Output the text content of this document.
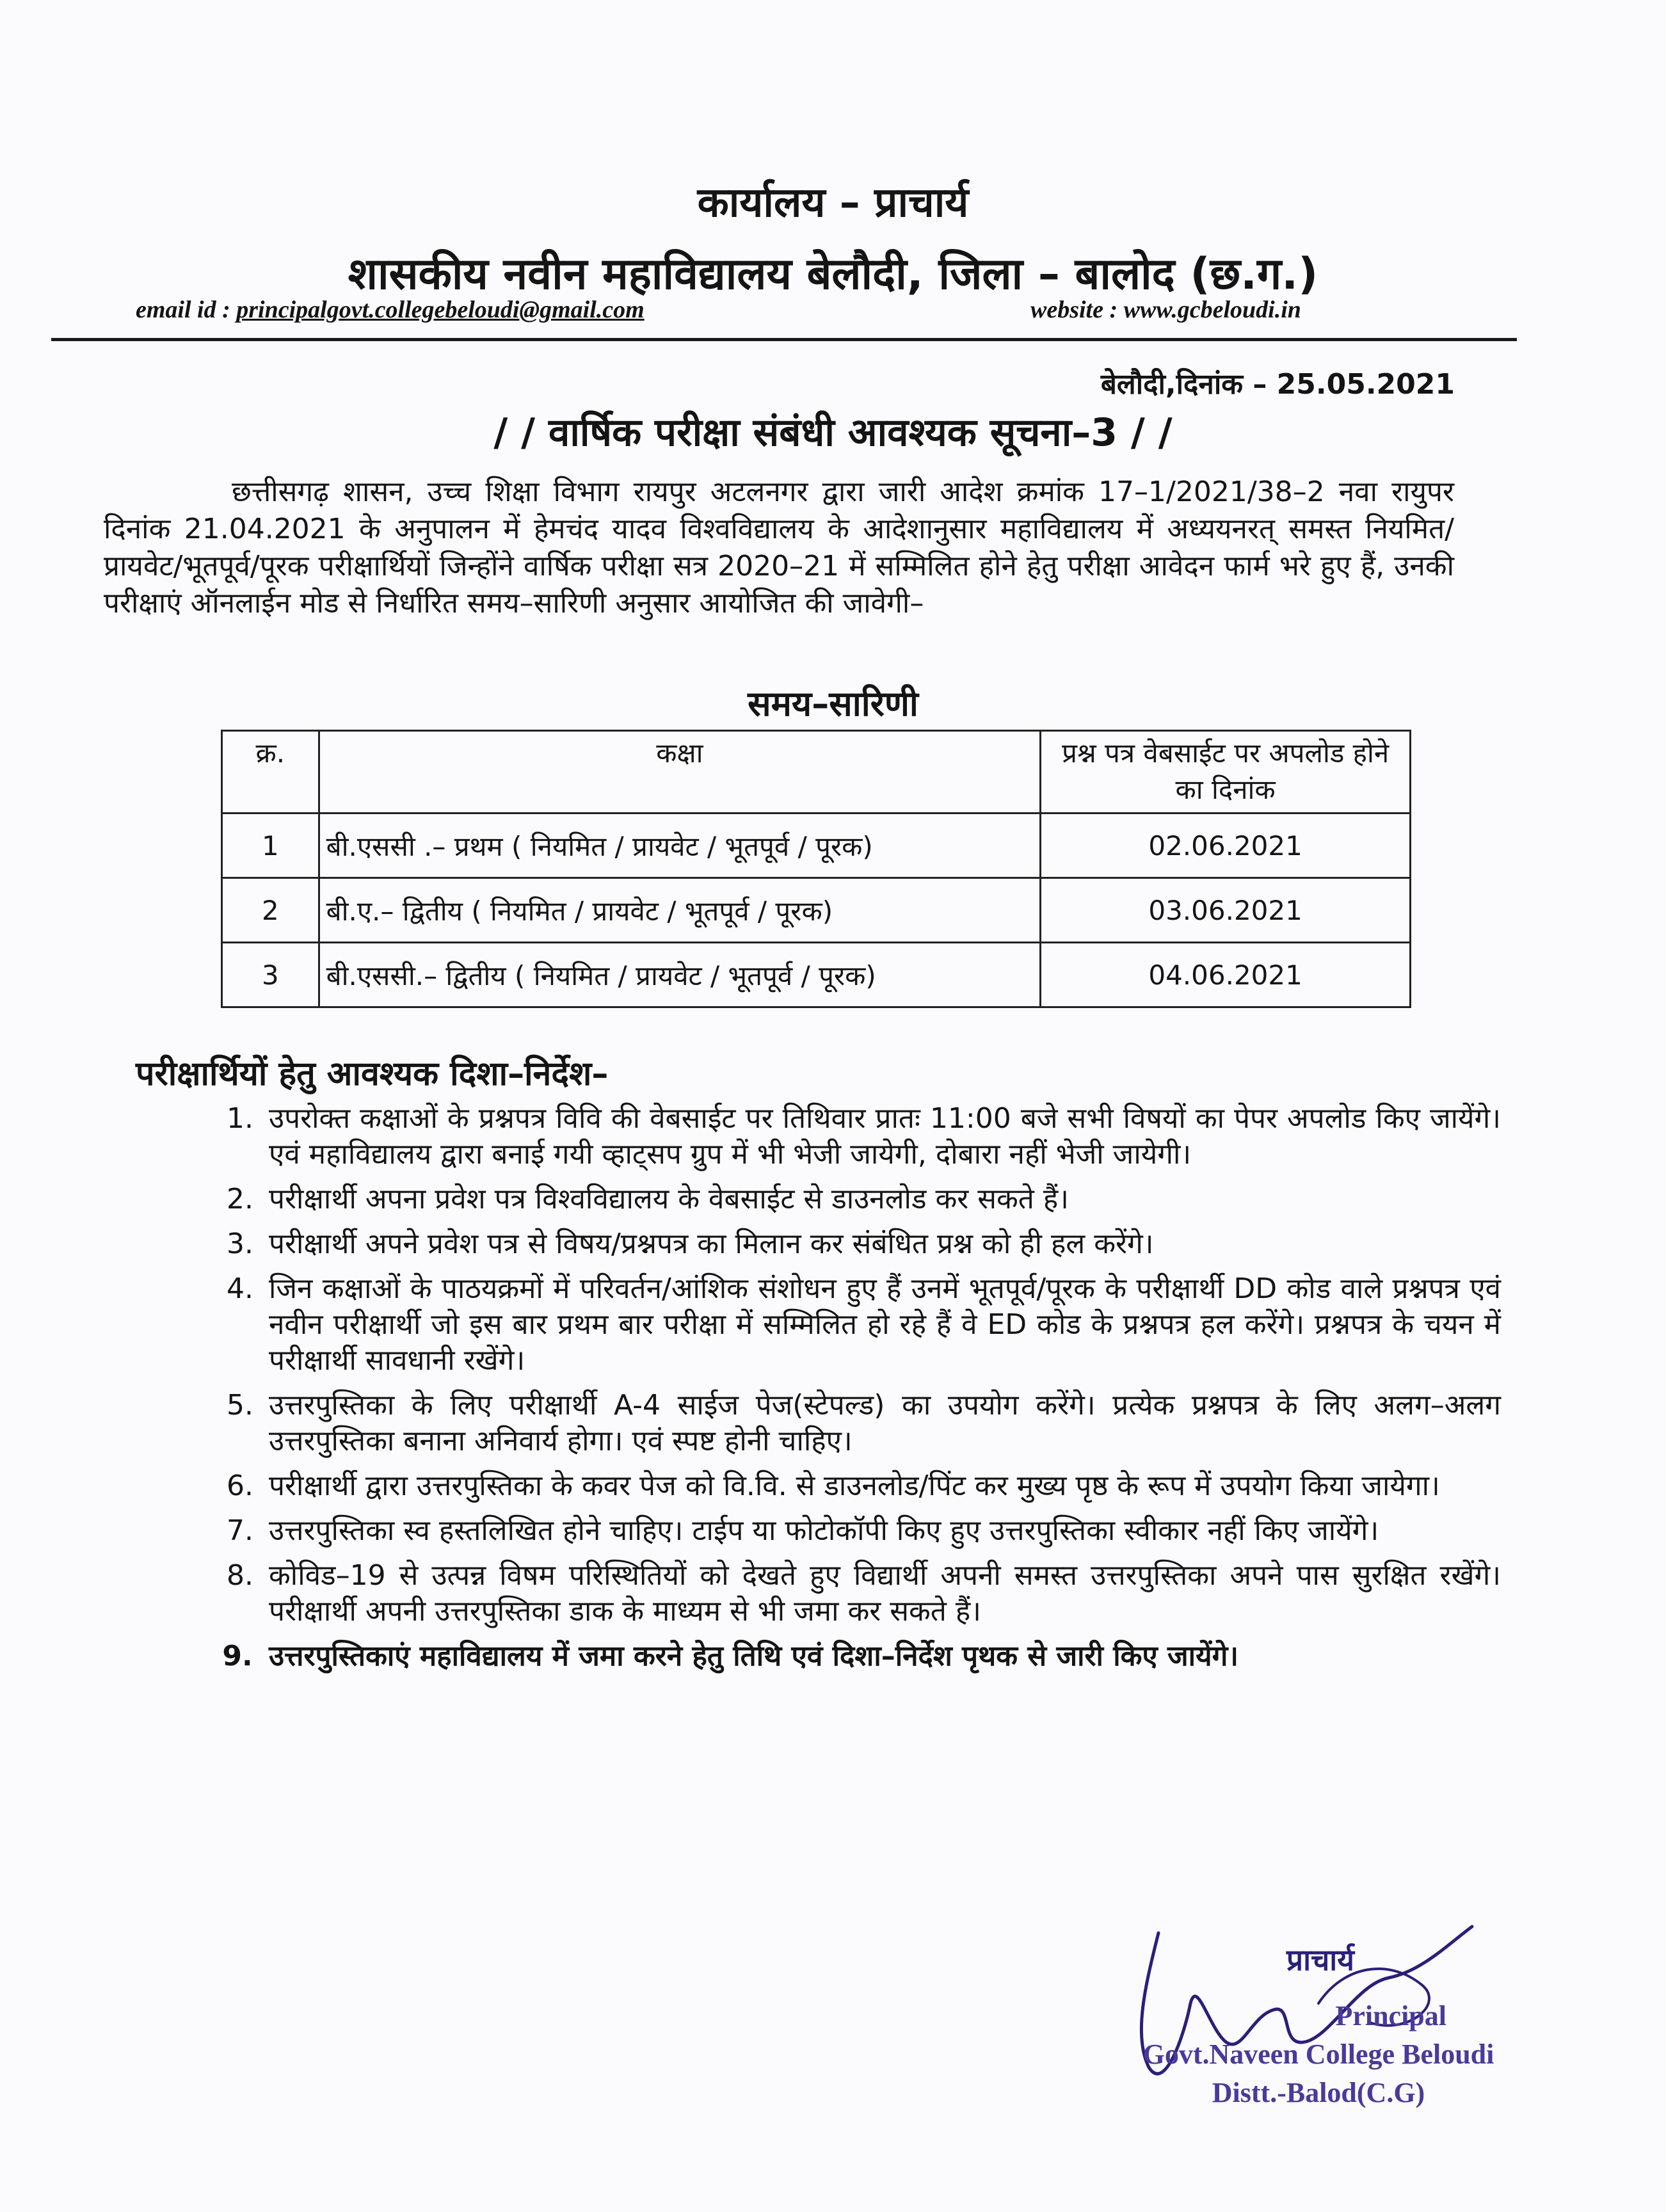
कार्यालय – प्राचार्य
शासकीय नवीन महाविद्यालय बेलौदी, जिला – बालोद (छ.ग.)
email id : principalgovt.collegebeloudi@gmail.com	website : www.gcbeloudi.in
बेलौदी,दिनांक – 25.05.2021
/ / वार्षिक परीक्षा संबंधी आवश्यक सूचना–3 / /

छत्तीसगढ़ शासन, उच्च शिक्षा विभाग रायपुर अटलनगर द्वारा जारी आदेश क्रमांक 17–1/2021/38–2 नवा रायुपर दिनांक 21.04.2021 के अनुपालन में हेमचंद यादव विश्वविद्यालय के आदेशानुसार महाविद्यालय में अध्ययनरत् समस्त नियमित/प्रायवेट/भूतपूर्व/पूरक परीक्षार्थियों जिन्होंने वार्षिक परीक्षा सत्र 2020–21 में सम्मिलित होने हेतु परीक्षा आवेदन फार्म भरे हुए हैं, उनकी परीक्षाएं ऑनलाईन मोड से निर्धारित समय–सारिणी अनुसार आयोजित की जावेगी–

समय–सारिणी
क्र.	कक्षा	प्रश्न पत्र वेबसाईट पर अपलोड होने का दिनांक
1	बी.एससी .– प्रथम ( नियमित / प्रायवेट / भूतपूर्व / पूरक)	02.06.2021
2	बी.ए.– द्वितीय ( नियमित / प्रायवेट / भूतपूर्व / पूरक)	03.06.2021
3	बी.एससी.– द्वितीय ( नियमित / प्रायवेट / भूतपूर्व / पूरक)	04.06.2021
परीक्षार्थियों हेतु आवश्यक दिशा–निर्देश–
1. उपरोक्त कक्षाओं के प्रश्नपत्र विवि की वेबसाईट पर तिथिवार प्रातः 11:00 बजे सभी विषयों का पेपर अपलोड किए जायेंगे। एवं महाविद्यालय द्वारा बनाई गयी व्हाट्सप ग्रुप में भी भेजी जायेगी, दोबारा नहीं भेजी जायेगी।
2. परीक्षार्थी अपना प्रवेश पत्र विश्वविद्यालय के वेबसाईट से डाउनलोड कर सकते हैं।
3. परीक्षार्थी अपने प्रवेश पत्र से विषय/प्रश्नपत्र का मिलान कर संबंधित प्रश्न को ही हल करेंगे।
4. जिन कक्षाओं के पाठयक्रमों में परिवर्तन/आंशिक संशोधन हुए हैं उनमें भूतपूर्व/पूरक के परीक्षार्थी DD कोड वाले प्रश्नपत्र एवं नवीन परीक्षार्थी जो इस बार प्रथम बार परीक्षा में सम्मिलित हो रहे हैं वे ED कोड के प्रश्नपत्र हल करेंगे। प्रश्नपत्र के चयन में परीक्षार्थी सावधानी रखेंगे।
5. उत्तरपुस्तिका के लिए परीक्षार्थी A-4 साईज पेज(स्टेपल्ड) का उपयोग करेंगे। प्रत्येक प्रश्नपत्र के लिए अलग–अलग उत्तरपुस्तिका बनाना अनिवार्य होगा। एवं स्पष्ट होनी चाहिए।
6. परीक्षार्थी द्वारा उत्तरपुस्तिका के कवर पेज को वि.वि. से डाउनलोड/पिंट कर मुख्य पृष्ठ के रूप में उपयोग किया जायेगा।
7. उत्तरपुस्तिका स्व हस्तलिखित होने चाहिए। टाईप या फोटोकॉपी किए हुए उत्तरपुस्तिका स्वीकार नहीं किए जायेंगे।
8. कोविड–19 से उत्पन्न विषम परिस्थितियों को देखते हुए विद्यार्थी अपनी समस्त उत्तरपुस्तिका अपने पास सुरक्षित रखेंगे। परीक्षार्थी अपनी उत्तरपुस्तिका डाक के माध्यम से भी जमा कर सकते हैं।
9. उत्तरपुस्तिकाएं महाविद्यालय में जमा करने हेतु तिथि एवं दिशा–निर्देश पृथक से जारी किए जायेंगे।
प्राचार्य
Principal
Govt.Naveen College Beloudi
Distt.-Balod(C.G)
